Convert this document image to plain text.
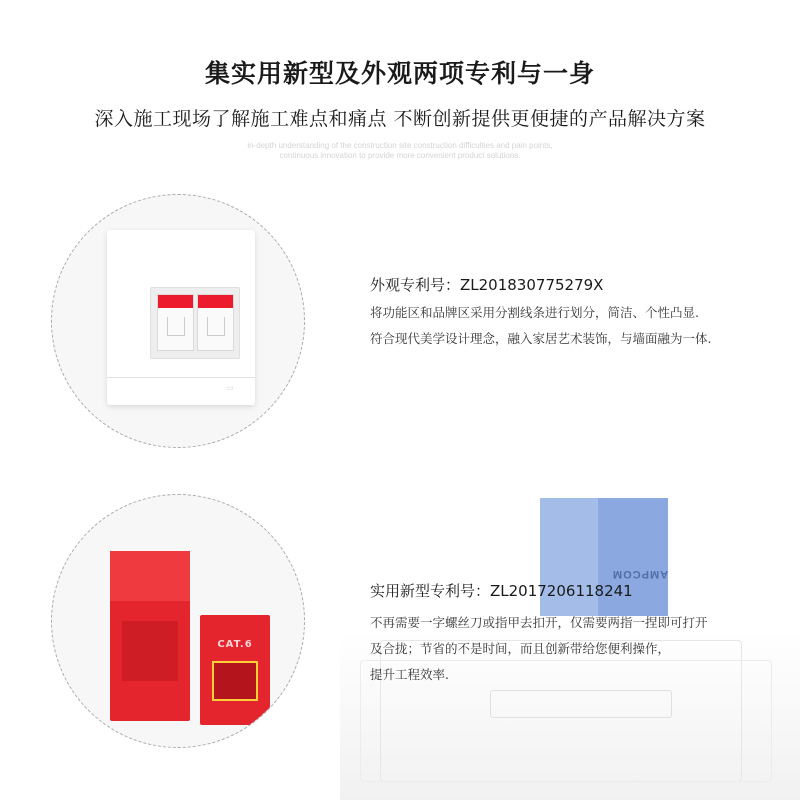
集实用新型及外观两项专利与一身
深入施工现场了解施工难点和痛点 不断创新提供更便捷的产品解决方案
in-depth understanding of the construction site construction difficulties and pain points,
continuous innovation to provide more convenient product solutions.
▭
CAT.6
AMPCOM
外观专利号：ZL201830775279X
将功能区和品牌区采用分割线条进行划分，简洁、个性凸显.
符合现代美学设计理念，融入家居艺术装饰，与墙面融为一体.
实用新型专利号：ZL2017206118241
不再需要一字螺丝刀或指甲去扣开，仅需要两指一捏即可打开
及合拢；节省的不是时间，而且创新带给您便利操作，
提升工程效率.
